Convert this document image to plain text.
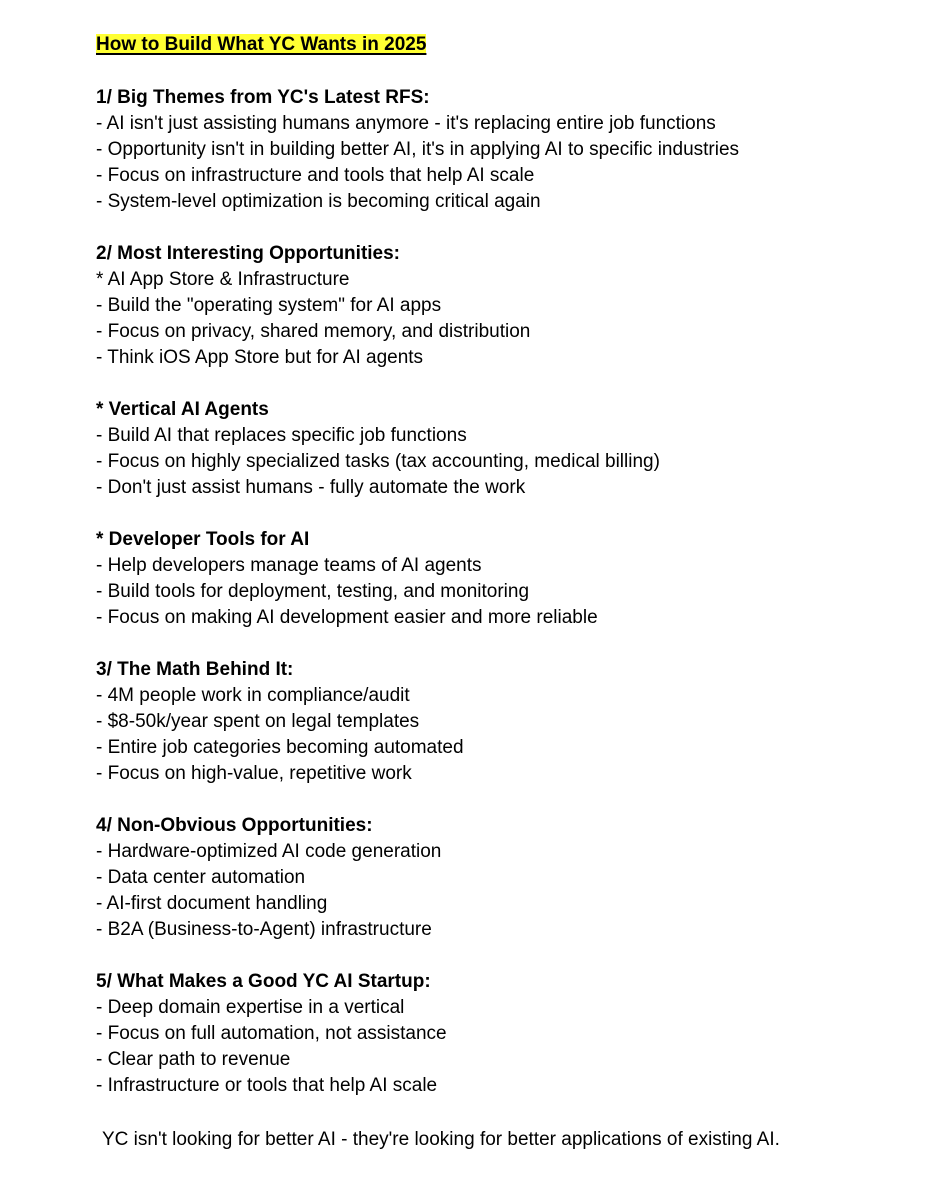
How to Build What YC Wants in 2025
1/ Big Themes from YC's Latest RFS:
- AI isn't just assisting humans anymore - it's replacing entire job functions
- Opportunity isn't in building better AI, it's in applying AI to specific industries
- Focus on infrastructure and tools that help AI scale
- System-level optimization is becoming critical again
2/ Most Interesting Opportunities:
* AI App Store & Infrastructure
- Build the "operating system" for AI apps
- Focus on privacy, shared memory, and distribution
- Think iOS App Store but for AI agents
* Vertical AI Agents
- Build AI that replaces specific job functions
- Focus on highly specialized tasks (tax accounting, medical billing)
- Don't just assist humans - fully automate the work
* Developer Tools for AI
- Help developers manage teams of AI agents
- Build tools for deployment, testing, and monitoring
- Focus on making AI development easier and more reliable
3/ The Math Behind It:
- 4M people work in compliance/audit
- $8-50k/year spent on legal templates
- Entire job categories becoming automated
- Focus on high-value, repetitive work
4/ Non-Obvious Opportunities:
- Hardware-optimized AI code generation
- Data center automation
- AI-first document handling
- B2A (Business-to-Agent) infrastructure
5/ What Makes a Good YC AI Startup:
- Deep domain expertise in a vertical
- Focus on full automation, not assistance
- Clear path to revenue
- Infrastructure or tools that help AI scale
YC isn't looking for better AI - they're looking for better applications of existing AI.
